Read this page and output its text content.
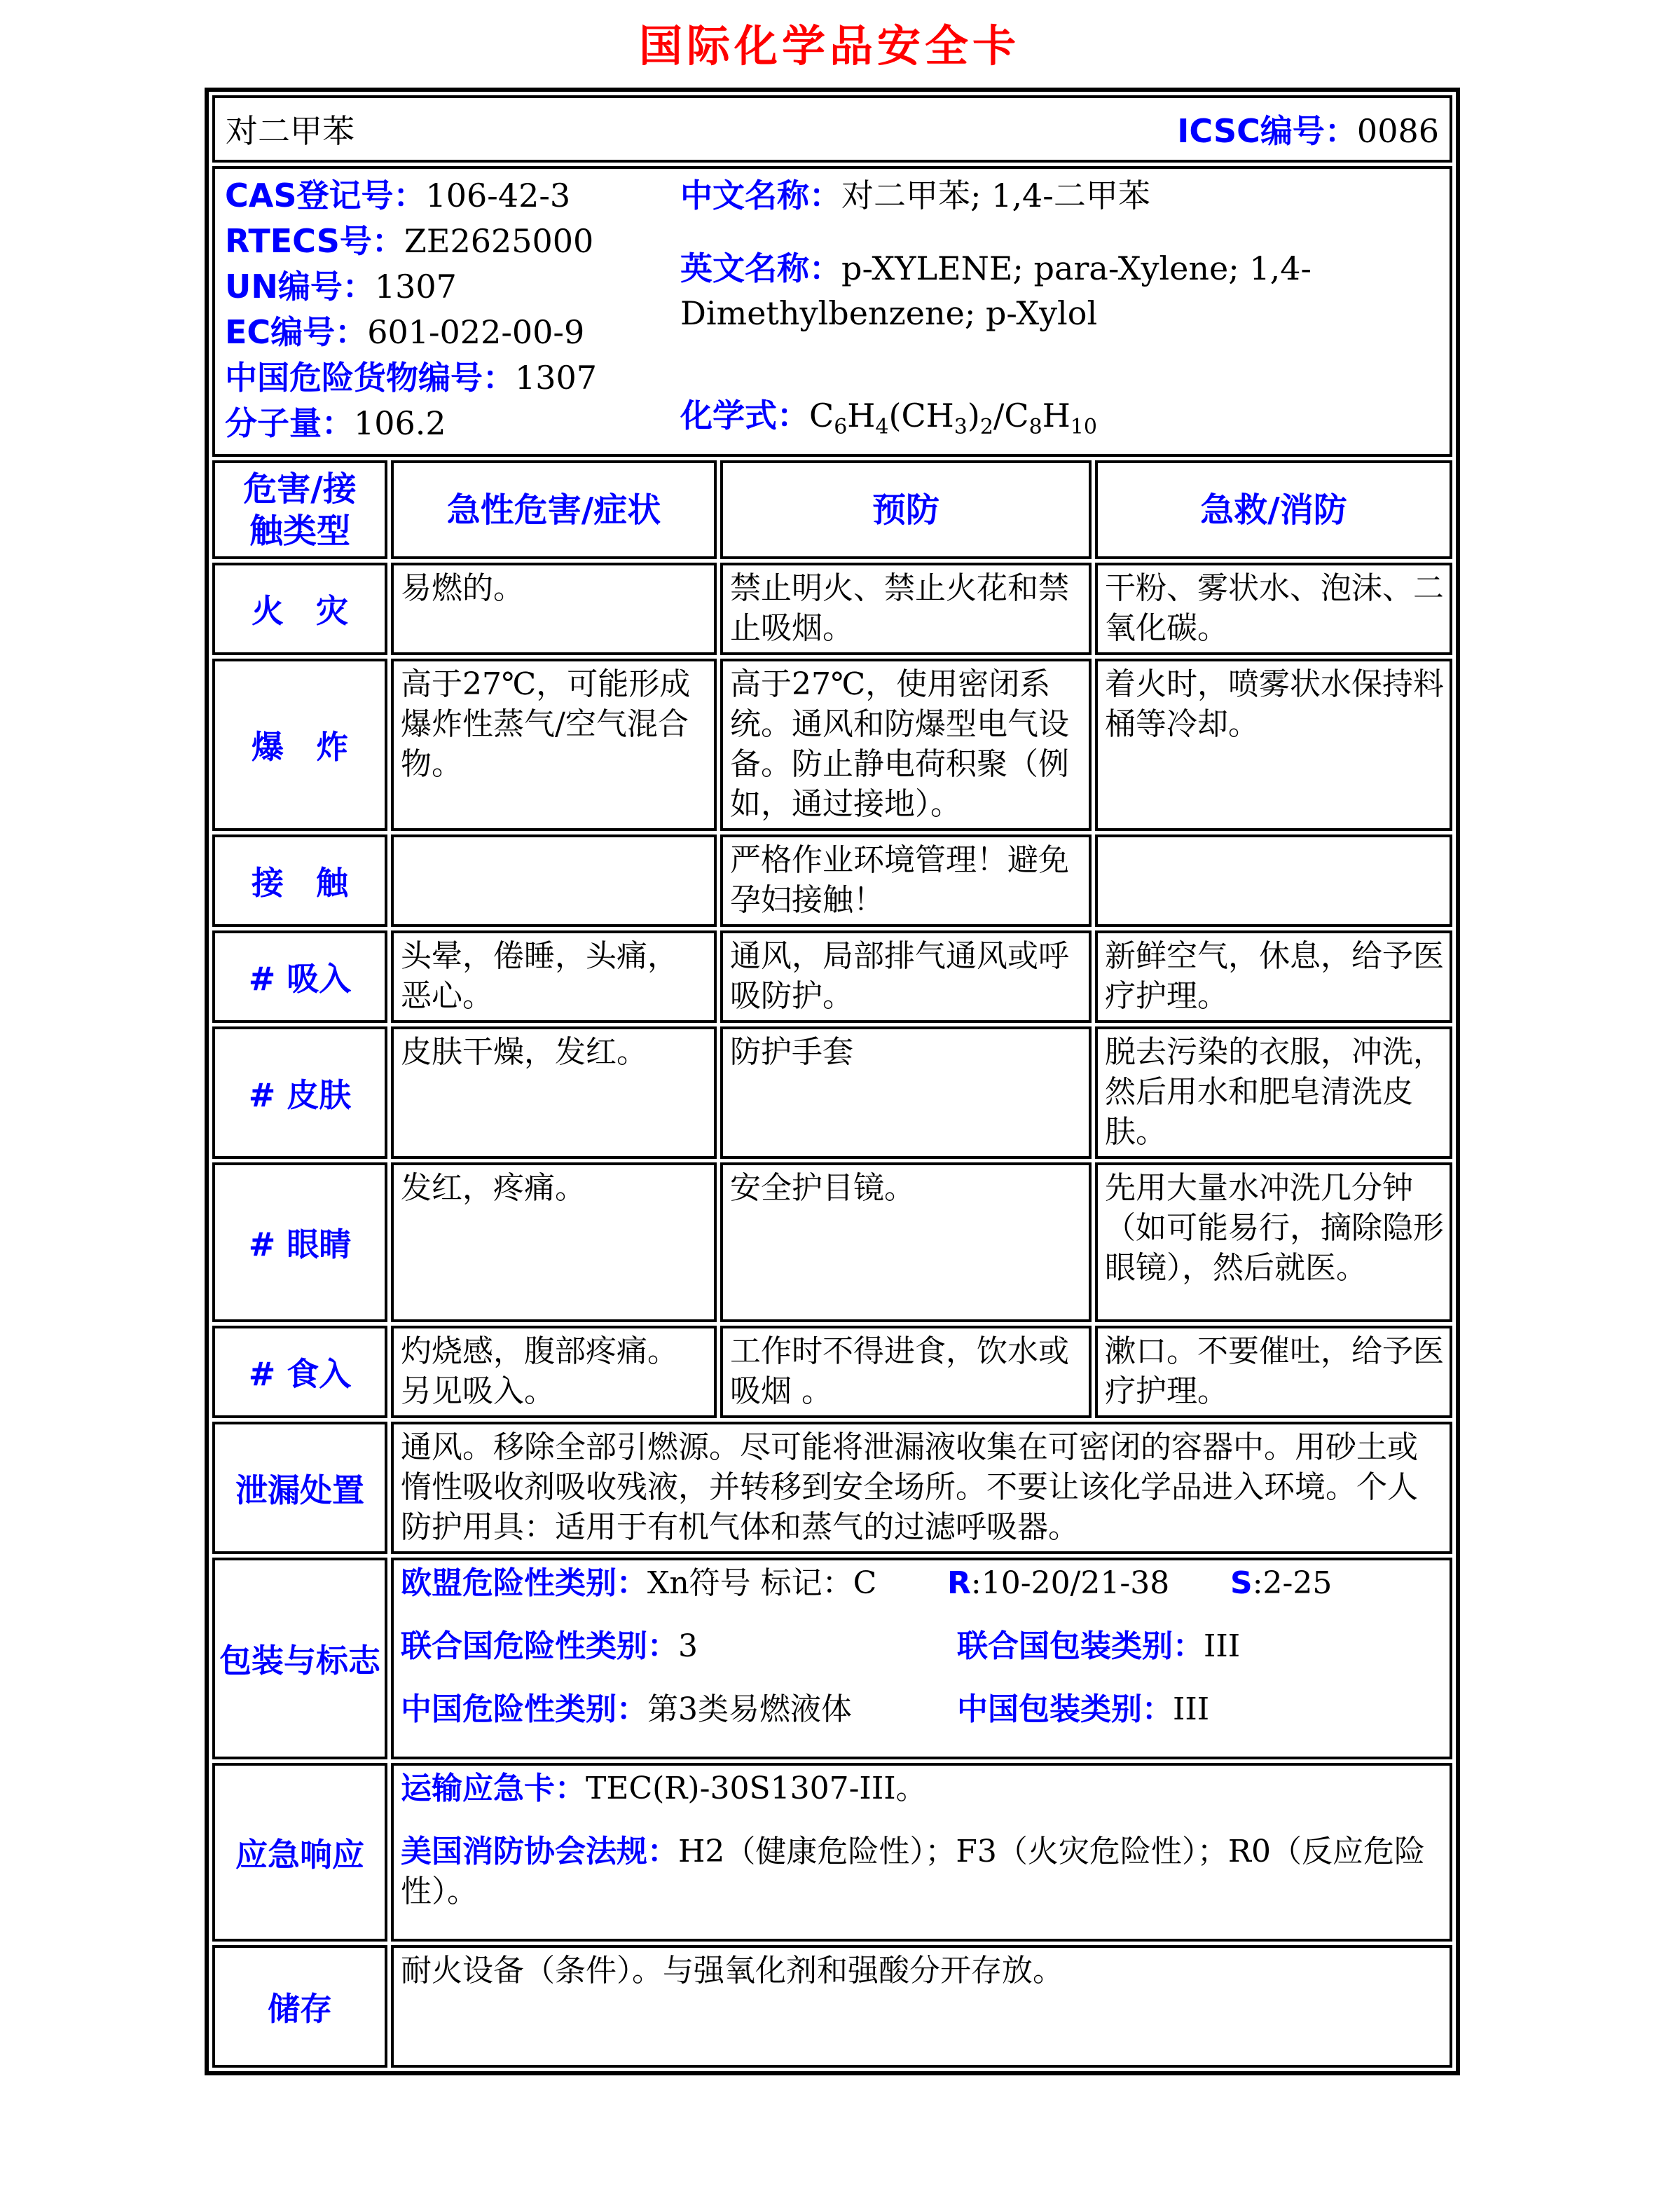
国际化学品安全卡
对二甲苯 ICSC编号：0086			

CAS登记号：106-42-3
RTECS号：ZE2625000
UN编号：1307
EC编号：601-022-00-9
中国危险货物编号：1307
分子量：106.2
中文名称：对二甲苯; 1,4-二甲苯
英文名称：p-XYLENE; para-Xylene; 1,4-Dimethylbenzene; p-Xylol
化学式：$C_6H_4(CH_3)_2/C_8H_{10}$

危害/接触类型	急性危害/症状	预防	急救/消防
火　灾	易燃的。	禁止明火、禁止火花和禁止吸烟。	干粉、雾状水、泡沫、二氧化碳。
爆　炸	高于27℃，可能形成爆炸性蒸气/空气混合物。	高于27℃，使用密闭系统。通风和防爆型电气设备。防止静电荷积聚（例如，通过接地）。	着火时，喷雾状水保持料桶等冷却。
接　触		严格作业环境管理！避免孕妇接触！	
# 吸入	头晕，倦睡，头痛，恶心。	通风，局部排气通风或呼吸防护。	新鲜空气，休息，给予医疗护理。
# 皮肤	皮肤干燥，发红。	防护手套	脱去污染的衣服，冲洗，然后用水和肥皂清洗皮肤。
# 眼睛	发红，疼痛。	安全护目镜。	先用大量水冲洗几分钟（如可能易行，摘除隐形眼镜），然后就医。
# 食入	灼烧感，腹部疼痛。另见吸入。	工作时不得进食，饮水或吸烟 。	漱口。不要催吐，给予医疗护理。
泄漏处置	通风。移除全部引燃源。尽可能将泄漏液收集在可密闭的容器中。用砂土或惰性吸收剂吸收残液，并转移到安全场所。不要让该化学品进入环境。个人防护用具：适用于有机气体和蒸气的过滤呼吸器。		
包装与标志	欧盟危险性类别：Xn符号 标记：C R:10-20/21-38 S:2-25
联合国危险性类别：3 联合国包装类别：III
中国危险性类别：第3类易燃液体 中国包装类别：III		

应急响应	运输应急卡：TEC(R)-30S1307-III。
美国消防协会法规：H2（健康危险性）；F3（火灾危险性）；R0（反应危险性）。		

储存	耐火设备（条件）。与强氧化剂和强酸分开存放。		
